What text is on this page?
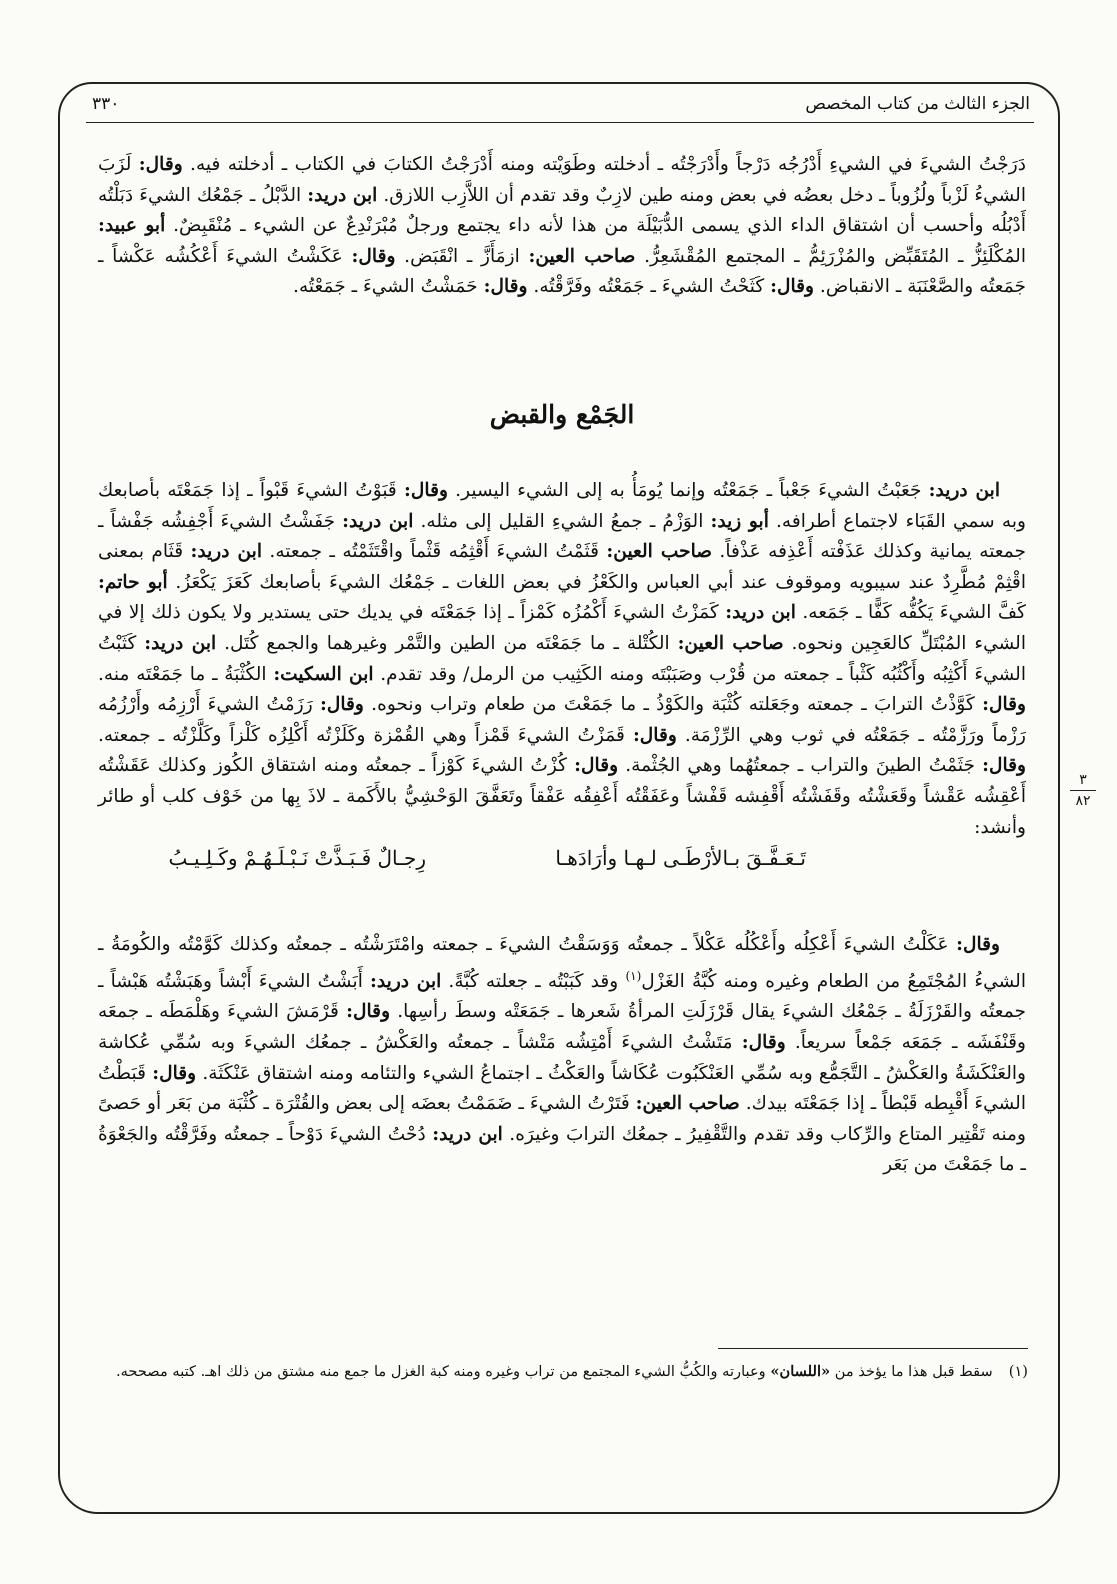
الجزء الثالث من كتاب المخصص
٣٣٠

دَرَجْتُ الشيءَ في الشيءِ أَدْرُجُه دَرْجاً وأَدْرَجْتُه ـ أدخلته وطَوَيْته ومنه أَدْرَجْتُ الكتابَ في الكتاب ـ أدخلته فيه. وقال: لَزَبَ الشيءُ لَزْباً ولُزُوباً ـ دخل بعضُه في بعض ومنه طين لازِبٌ وقد تقدم أن اللاَّزِب اللازق. ابن دريد: الدَّبْلُ ـ جَمْعُك الشيءَ دَبَلْتُه أَدْبُلُه وأحسب أن اشتقاق الداء الذي يسمى الدُّبَيْلَة من هذا لأنه داء يجتمع ورجلٌ مُبْرَنْدِعٌ عن الشيء ـ مُنْقَبِضٌ. أبو عبيد: المُكْلَئِزُّ ـ المُتَقَبِّض والمُزْرَئِمُّ ـ المجتمع المُقْشَعِرُّ. صاحب العين: ازمَأَزَّ ـ انْقَبَض. وقال: عَكَشْتُ الشيءَ أَعْكُشُه عَكْشاً ـ جَمَعتُه والصَّعْنَبَة ـ الانقباض. وقال: كَثَحْتُ الشيءَ ـ جَمَعْتُه وفَرَّقْتُه. وقال: حَمَشْتُ الشيءَ ـ جَمَعْتُه.

الجَمْع والقبض

ابن دريد: جَعَبْتُ الشيءَ جَعْباً ـ جَمَعْتُه وإنما يُومَأُ به إلى الشيء اليسير. وقال: قَبَوْتُ الشيءَ قَبْواً ـ إذا جَمَعْتَه بأصابعك وبه سمي القَبَاء لاجتماع أطرافه. أبو زيد: الوَزْمُ ـ جمعُ الشيءِ القليل إلى مثله. ابن دريد: جَفَشْتُ الشيءَ أَجْفِشُه جَفْشاً ـ جمعته يمانية وكذلك عَذَفْته أَعْذِفه عَذْفاً. صاحب العين: قَثَمْتُ الشيءَ أَقْثِمُه قَثْماً واقْتَثَمْتُه ـ جمعته. ابن دريد: قَثَام بمعنى اقْثِمْ مُطَّرِدٌ عند سيبويه وموقوف عند أبي العباس والكَعْزُ في بعض اللغات ـ جَمْعُك الشيءَ بأصابعك كَعَزَ يَكْعَزُ. أبو حاتم: كَفَّ الشيءَ يَكُفُّه كَفًّا ـ جَمَعه. ابن دريد: كَمَزْتُ الشيءَ أَكْمُزُه كَمْزاً ـ إذا جَمَعْتَه في يديك حتى يستدير ولا يكون ذلك إلا في الشيء المُبْتَلِّ كالعَجِين ونحوه. صاحب العين: الكُتْلة ـ ما جَمَعْتَه من الطين والتَّمْر وغيرهما والجمع كُتَل. ابن دريد: كَثَبْتُ الشيءَ أَكْثِبُه وأَكْثُبُه كَثْباً ـ جمعته من قُرْب وصَبَبْتَه ومنه الكَثِيب من الرمل/ وقد تقدم. ابن السكيت: الكُثْبَةُ ـ ما جَمَعْتَه منه. وقال: كَوَّذْتُ الترابَ ـ جمعته وجَعَلته كُثْبَة والكَوْذُ ـ ما جَمَعْتَ من طعام وتراب ونحوه. وقال: رَزَمْتُ الشيءَ أَرْزِمُه وأَرْزُمُه رَزْماً ورَزَّمْتُه ـ جَمَعْتُه في ثوب وهي الرِّزْمَة. وقال: قَمَزْتُ الشيءَ قَمْزاً وهي القُمْزة وكَلَزْتُه أَكْلِزُه كَلْزاً وكَلَّزْتُه ـ جمعته. وقال: جَثَمْتُ الطينَ والتراب ـ جمعتُهُما وهي الجُثْمة. وقال: كُزْتُ الشيءَ كَوْزاً ـ جمعتُه ومنه اشتقاق الكُوز وكذلك عَقَشْتُه أَعْقِشُه عَقْشاً وقَعَشْتُه وقَفَشْتُه أَقْفِشه قَفْشاً وعَفَقْتُه أَعْفِقُه عَفْقاً وتَعَفَّقَ الوَحْشِيُّ بالأَكَمة ـ لاذَ بِها من خَوْف كلب أو طائر وأنشد:

تَـعَـفَّـقَ بـالأرْطَـى لـهـا وأرَادَهـا
رِجـالٌ فَـبَـذَّتْ نَـبْـلَـهُـمْ وكَـلِـيـبُ

وقال: عَكَلْتُ الشيءَ أَعْكِلُه وأَعْكُلُه عَكْلاً ـ جمعتُه وَوَسَقْتُ الشيءَ ـ جمعته وامْتَرَشْتُه ـ جمعتُه وكذلك كَوَّمْتُه والكُومَةُ ـ الشيءُ المُجْتَمِعُ من الطعام وغيره ومنه كُبَّةُ الغَزْل$^{(١)}$ وقد كَبَبْتُه ـ جعلته كُبَّةً. ابن دريد: أَبَشْتُ الشيءَ أَبْشاً وهَبَشْتُه هَبْشاً ـ جمعتُه والقَرْزَلَةُ ـ جَمْعُك الشيءَ يقال قَرْزَلَتِ المرأةُ شَعرها ـ جَمَعَتْه وسطَ رأسِها. وقال: قَرْمَشَ الشيءَ وهَلْمَطَه ـ جمعَه وقَنْفَشَه ـ جَمَعَه جَمْعاً سريعاً. وقال: مَتَشْتُ الشيءَ أَمْتِشُه مَتْشاً ـ جمعتُه والعَكْشُ ـ جمعُك الشيءَ وبه سُمِّي عُكاشة والعَنْكَشَةُ والعَكْشُ ـ التَّجَمُّع وبه سُمِّي العَنْكَبُوت عُكَاشاً والعَكْثُ ـ اجتماعُ الشيء والتئامه ومنه اشتقاق عَنْكَثَة. وقال: قَبَطْتُ الشيءَ أَقْبِطه قَبْطاً ـ إذا جَمَعْتَه بيدك. صاحب العين: فَتَرْتُ الشيءَ ـ ضَمَمْتُ بعضَه إلى بعض والقُتْرَة ـ كُثْبَة من بَعَر أو حَصىً ومنه تَقْتِير المتاع والرِّكاب وقد تقدم والتَّقْفِيرُ ـ جمعُك الترابَ وغيرَه. ابن دريد: دُحْتُ الشيءَ دَوْحاً ـ جمعتُه وفَرَّقْتُه والجَعْوَةُ ـ ما جَمَعْتَ من بَعَر

٣
٨٢

(١)سقط قبل هذا ما يؤخذ من «اللسان» وعبارته والكُبُّ الشيء المجتمع من تراب وغيره ومنه كبة الغزل ما جمع منه مشتق من ذلك اهـ. كتبه مصححه.
